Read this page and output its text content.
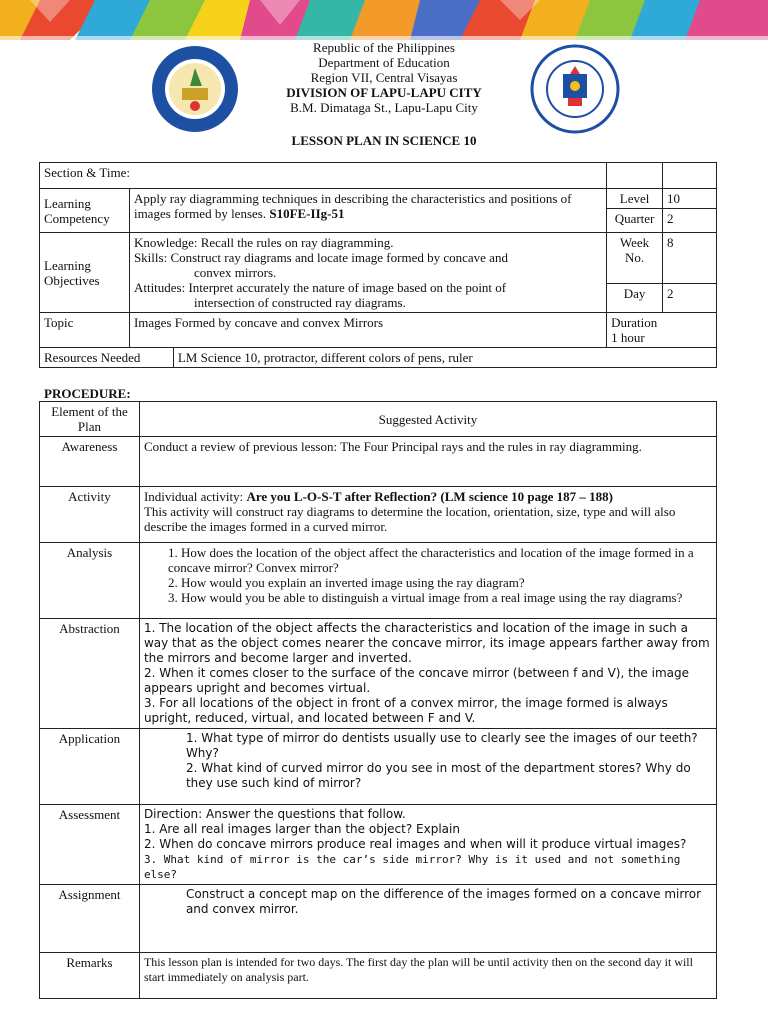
Republic of the Philippines
Department of Education
Region VII, Central Visayas
DIVISION OF LAPU-LAPU CITY
B.M. Dimataga St., Lapu-Lapu City
LESSON PLAN IN SCIENCE 10
Section & Time:				
Learning Competency	Apply ray diagramming techniques in describing the characteristics and positions of images formed by lenses. S10FE-IIg-51		Level	10
			Quarter	2
Learning Objectives	Knowledge: Recall the rules on ray diagramming.
Skills: Construct ray diagrams and locate image formed by concave and
convex mirrors.
Attitudes: Interpret accurately the nature of image based on the point of
intersection of constructed ray diagrams.		Week No.	8
			Day	2
Topic	Images Formed by concave and convex Mirrors		Duration
1 hour	

Resources Needed		LM Science 10, protractor, different colors of pens, ruler		
PROCEDURE:
Element of the Plan	Suggested Activity
Awareness	Conduct a review of previous lesson: The Four Principal rays and the rules in ray diagramming.
Activity	Individual activity: Are you L-O-S-T after Reflection? (LM science 10 page 187 – 188)
This activity will construct ray diagrams to determine the location, orientation, size, type and will also describe the images formed in a curved mirror.

Analysis	1. How does the location of the object affect the characteristics and location of the image formed in a concave mirror? Convex mirror?
2. How would you explain an inverted image using the ray diagram?
3. How would you be able to distinguish a virtual image from a real image using the ray diagrams?

Abstraction	1. The location of the object affects the characteristics and location of the image in such a way that as the object comes nearer the concave mirror, its image appears farther away from the mirrors and become larger and inverted.
2. When it comes closer to the surface of the concave mirror (between f and V), the image appears upright and becomes virtual.
3. For all locations of the object in front of a convex mirror, the image formed is always upright, reduced, virtual, and located between F and V.

Application	1. What type of mirror do dentists usually use to clearly see the images of our teeth? Why?
2. What kind of curved mirror do you see in most of the department stores? Why do they use such kind of mirror?

Assessment	Direction: Answer the questions that follow.
1. Are all real images larger than the object? Explain
2. When do concave mirrors produce real images and when will it produce virtual images?
3. What kind of mirror is the car’s side mirror? Why is it used and not something else?

Assignment	Construct a concept map on the difference of the images formed on a concave mirror and convex mirror.
Remarks	This lesson plan is intended for two days. The first day the plan will be until activity then on the second day it will start immediately on analysis part.
